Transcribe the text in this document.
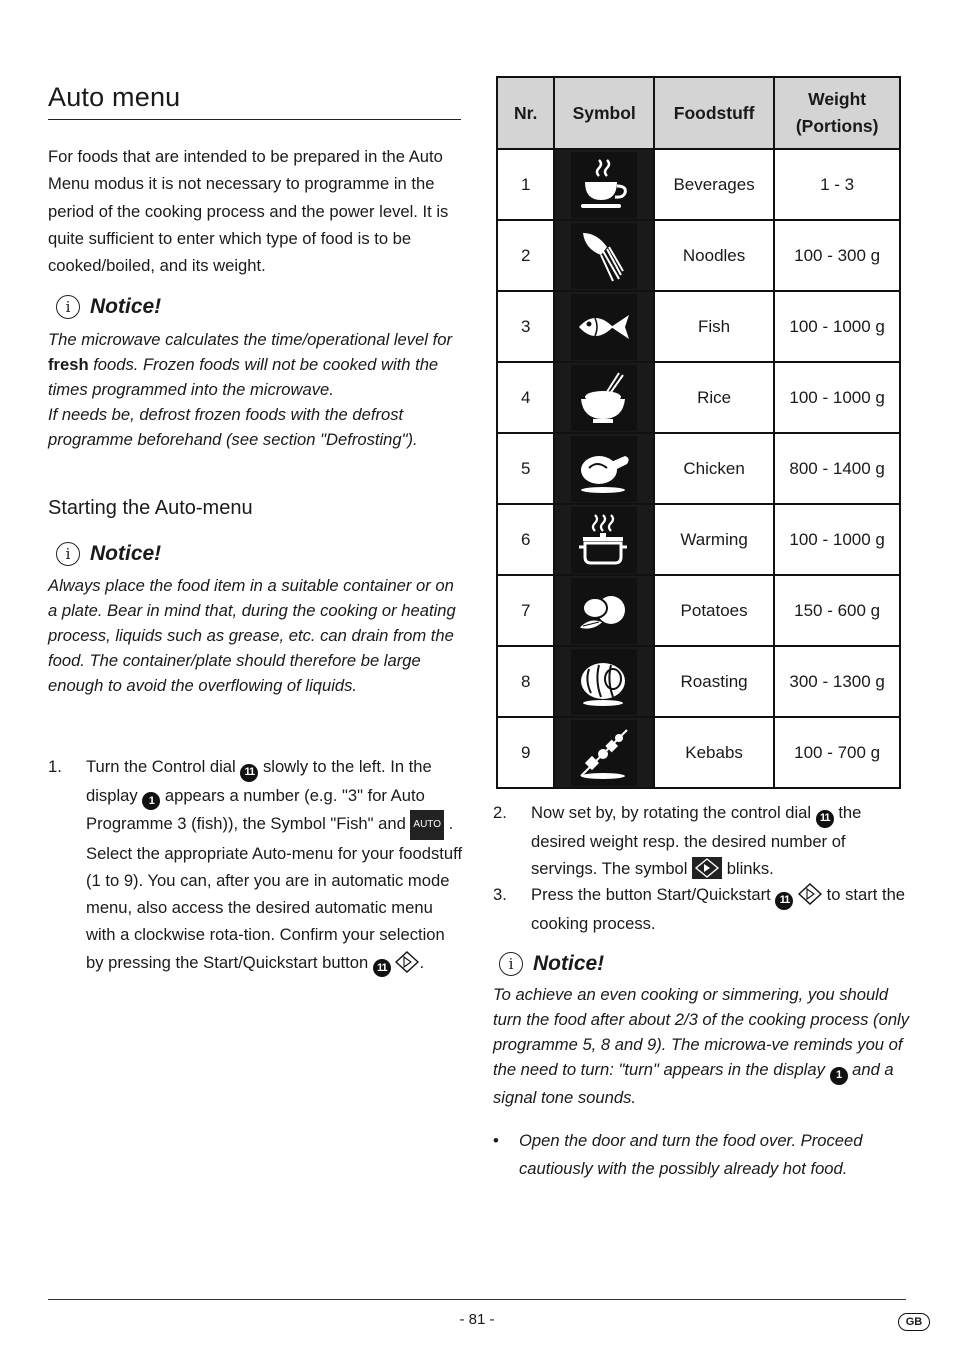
Auto menu
For foods that are intended to be prepared in the Auto Menu modus it is not necessary to programme in the period of the cooking process and the power level. It is quite sufficient to enter which type of food is to be cooked/boiled, and its weight.
i Notice!
The microwave calculates the time/operational level for fresh foods. Frozen foods will not be cooked with the times programmed into the microwave.
If needs be, defrost frozen foods with the defrost programme beforehand (see section "Defrosting").
Starting the Auto-menu
i Notice!
Always place the food item in a suitable container or on a plate. Bear in mind that, during the cooking or heating process, liquids such as grease, etc. can drain from the food. The container/plate should therefore be large enough to avoid the overflowing of liquids.
1.	Turn the Control dial 11 slowly to the left. In the display 1 appears a number (e.g. "3" for Auto Programme 3 (fish)), the Symbol "Fish" and AUTO . Select the appropriate Auto-menu for your foodstuff (1 to 9). You can, after you are in automatic mode menu, also access the desired automatic menu with a clockwise rota-tion. Confirm your selection by pressing the Start/Quickstart button 11 .
Nr.	Symbol	Foodstuff	Weight (Portions)
1		Beverages	1 - 3
2		Noodles	100 - 300 g
3		Fish	100 - 1000 g
4		Rice	100 - 1000 g
5		Chicken	800 - 1400 g
6		Warming	100 - 1000 g
7		Potatoes	150 - 600 g
8		Roasting	300 - 1300 g
9		Kebabs	100 - 700 g
2.	Now set by, by rotating the control dial 11 the desired weight resp. the desired number of servings. The symbol  blinks.
3.	Press the button Start/Quickstart 11  to start the cooking process.
i Notice!
To achieve an even cooking or simmering, you should turn the food after about 2/3 of the cooking process (only programme 5, 8 and 9). The microwa-ve reminds you of the need to turn: "turn" appears in the display 1 and a signal tone sounds.
•	Open the door and turn the food over. Proceed cautiously with the possibly already hot food.
- 81 -	GB
